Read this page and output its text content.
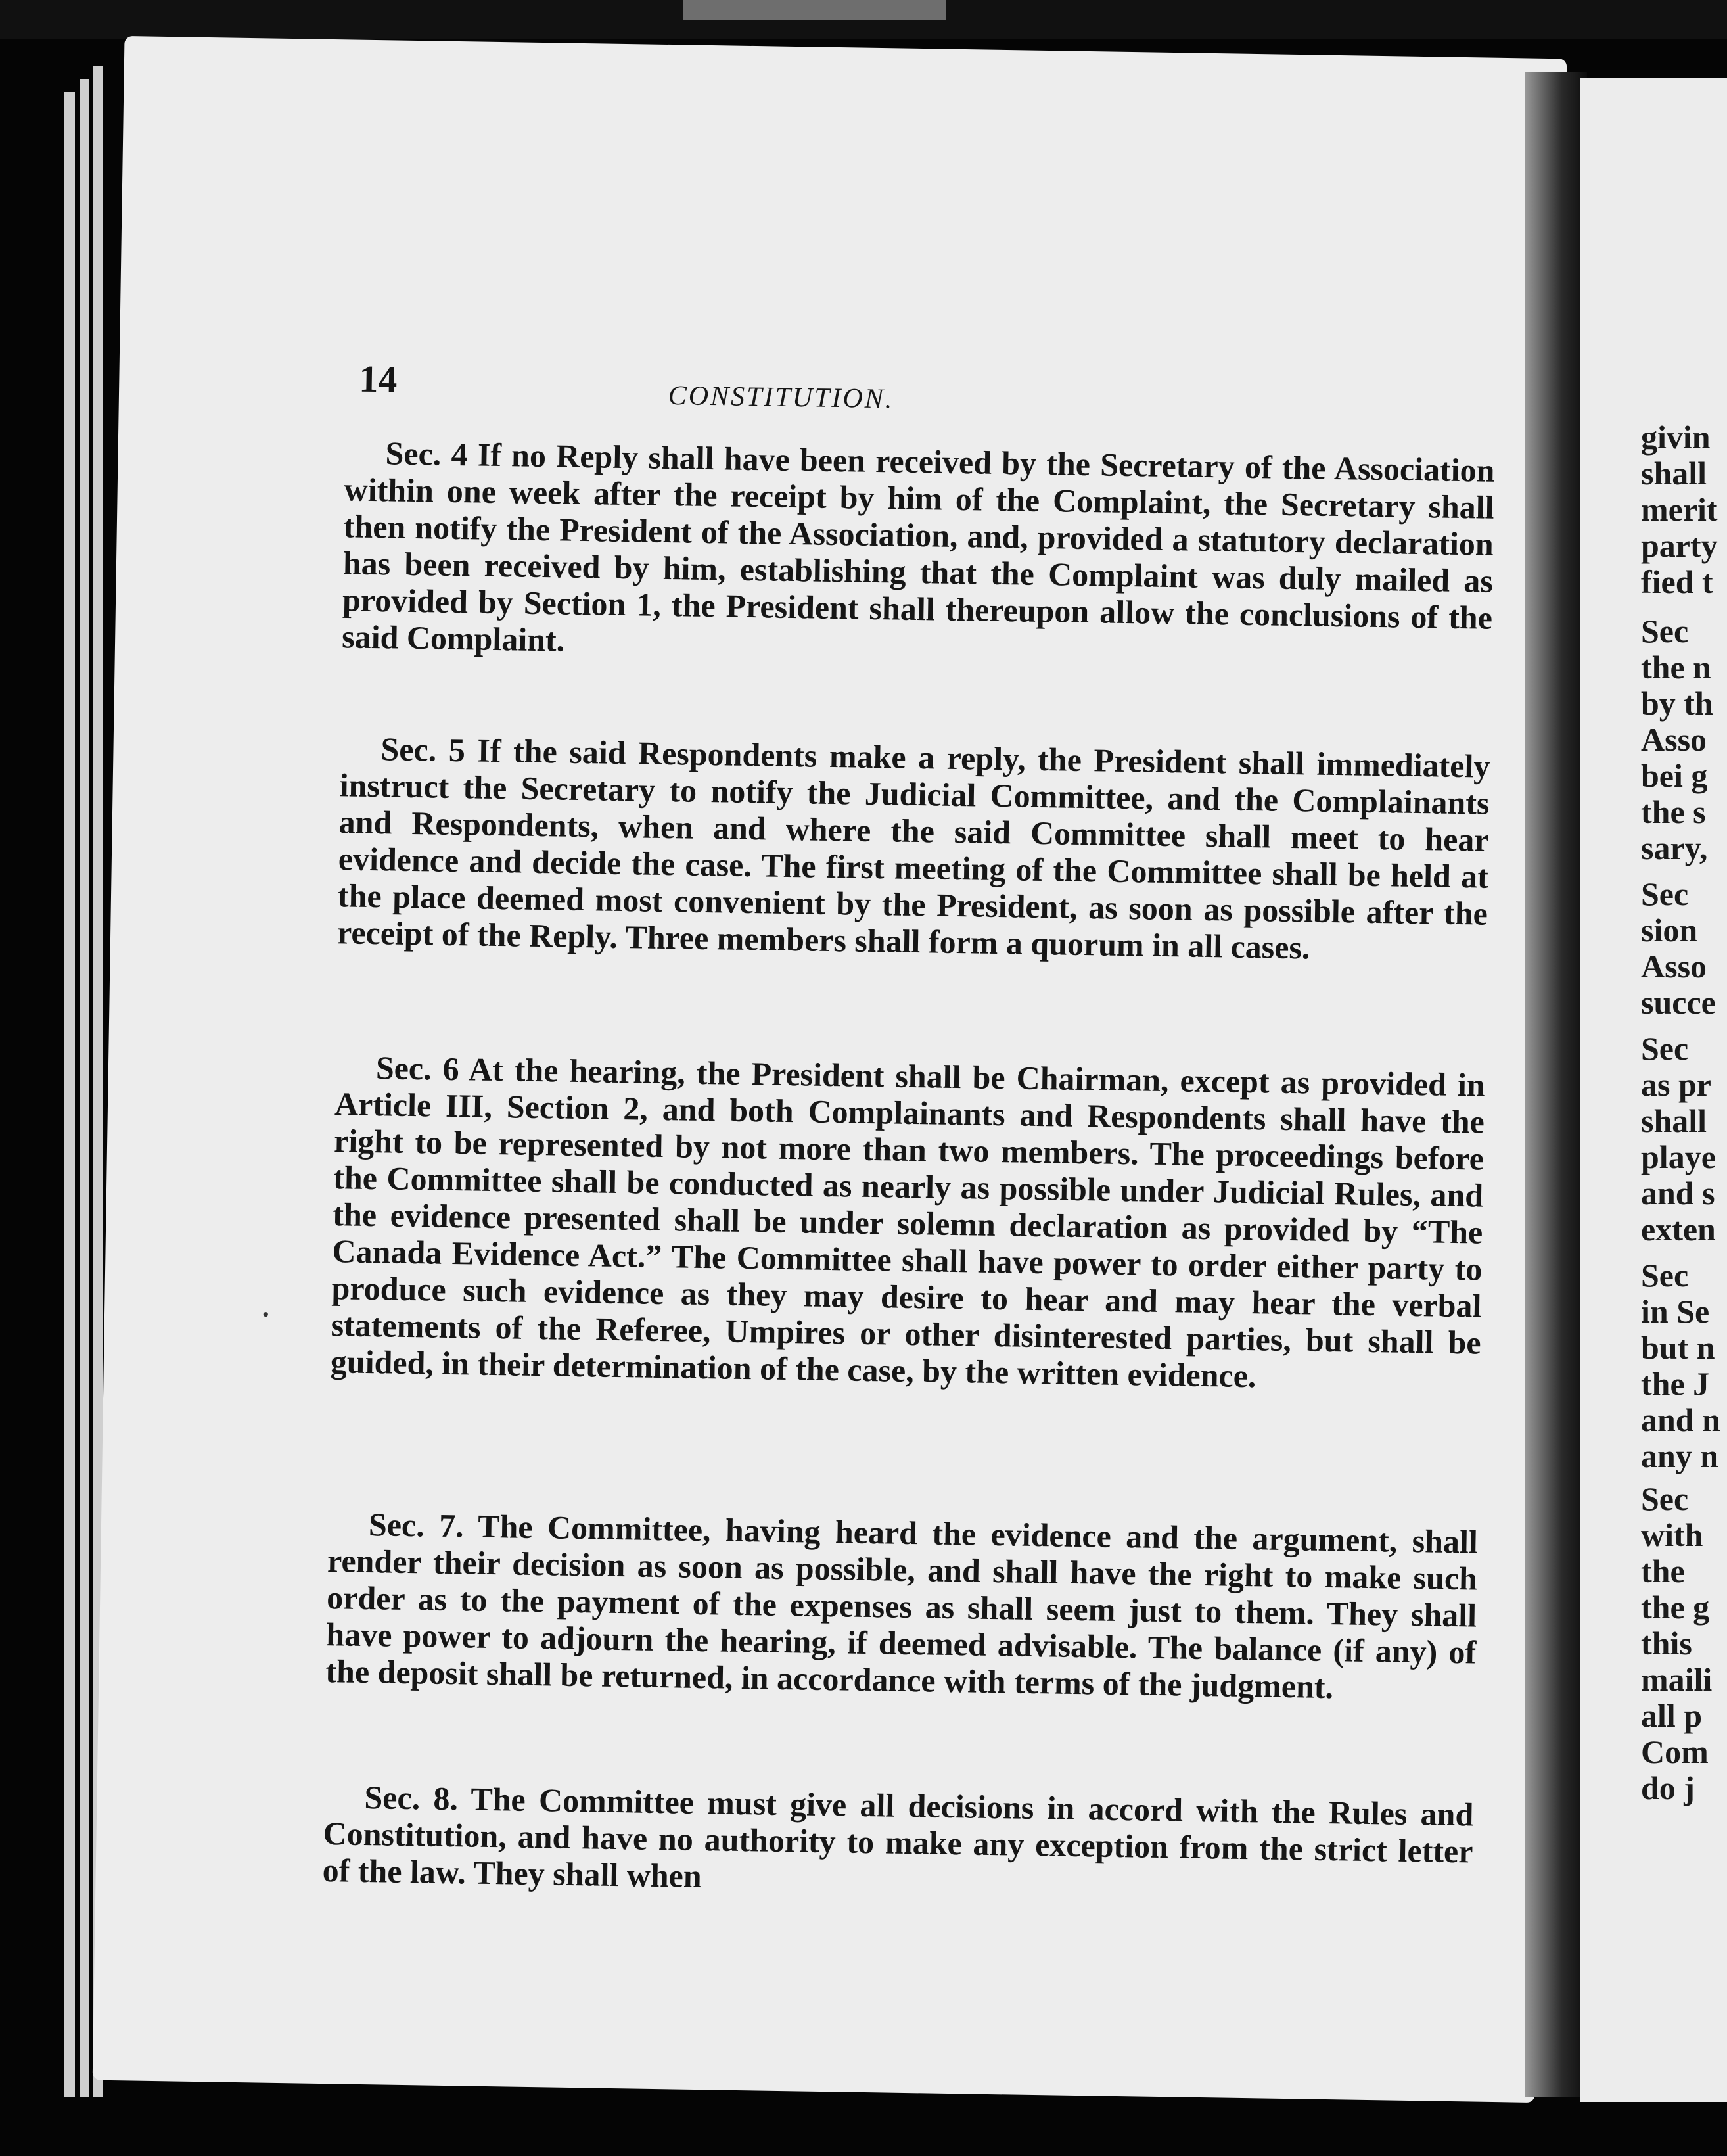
14	CONSTITUTION.

Sec. 4 If no Reply shall have been received by the Secretary of the Association within one week after the receipt by him of the Complaint, the Secretary shall then notify the President of the Association, and, provided a statutory declaration has been received by him, establishing that the Complaint was duly mailed as provided by Section 1, the President shall thereupon allow the conclusions of the said Complaint.

Sec. 5 If the said Respondents make a reply, the President shall immediately instruct the Secretary to notify the Judicial Committee, and the Complainants and Respondents, when and where the said Committee shall meet to hear evidence and decide the case. The first meeting of the Committee shall be held at the place deemed most convenient by the President, as soon as possible after the receipt of the Reply. Three members shall form a quorum in all cases.

Sec. 6 At the hearing, the President shall be Chairman, except as provided in Article III, Section 2, and both Complainants and Respondents shall have the right to be represented by not more than two members. The proceedings before the Committee shall be conducted as nearly as possible under Judicial Rules, and the evidence presented shall be under solemn declaration as provided by “The Canada Evidence Act.” The Committee shall have power to order either party to produce such evidence as they may desire to hear and may hear the verbal statements of the Referee, Umpires or other disinterested parties, but shall be guided, in their determination of the case, by the written evidence.

Sec. 7. The Committee, having heard the evidence and the argument, shall render their decision as soon as possible, and shall have the right to make such order as to the payment of the expenses as shall seem just to them. They shall have power to adjourn the hearing, if deemed advisable. The balance (if any) of the deposit shall be returned, in accordance with terms of the judgment.

Sec. 8. The Committee must give all decisions in accord with the Rules and Constitution, and have no authority to make any exception from the strict letter of the law. They shall when

•
givin
shall
merit
party
fied t
Sec
the n
by th
Asso
bei g
the s
sary,
Sec
sion
Asso
succe
Sec
as pr
shall
playe
and s
exten
Sec
in Se
but n
the J
and n
any n
Sec
with
the
the g
this
maili
all p
Com
do j
